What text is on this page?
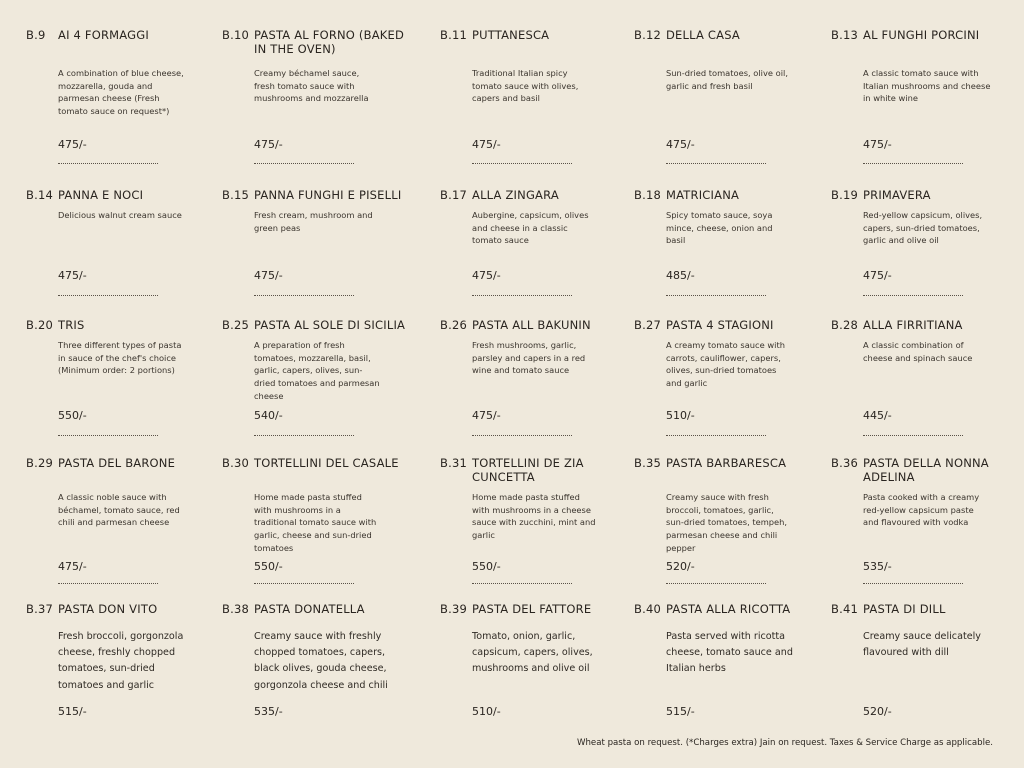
B.9 AI 4 FORMAGGI
A combination of blue cheese, mozzarella, gouda and parmesan cheese (Fresh tomato sauce on request*)
475/-
B.10 PASTA AL FORNO (BAKED IN THE OVEN)
Creamy béchamel sauce, fresh tomato sauce with mushrooms and mozzarella
475/-
B.11 PUTTANESCA
Traditional Italian spicy tomato sauce with olives, capers and basil
475/-
B.12 DELLA CASA
Sun-dried tomatoes, olive oil, garlic and fresh basil
475/-
B.13 AL FUNGHI PORCINI
A classic tomato sauce with Italian mushrooms and cheese in white wine
475/-
B.14 PANNA E NOCI
Delicious walnut cream sauce
475/-
B.15 PANNA FUNGHI E PISELLI
Fresh cream, mushroom and green peas
475/-
B.17 ALLA ZINGARA
Aubergine, capsicum, olives and cheese in a classic tomato sauce
475/-
B.18 MATRICIANA
Spicy tomato sauce, soya mince, cheese, onion and basil
485/-
B.19 PRIMAVERA
Red-yellow capsicum, olives, capers, sun-dried tomatoes, garlic and olive oil
475/-
B.20 TRIS
Three different types of pasta in sauce of the chef's choice (Minimum order: 2 portions)
550/-
B.25 PASTA AL SOLE DI SICILIA
A preparation of fresh tomatoes, mozzarella, basil, garlic, capers, olives, sun-dried tomatoes and parmesan cheese
540/-
B.26 PASTA ALL BAKUNIN
Fresh mushrooms, garlic, parsley and capers in a red wine and tomato sauce
475/-
B.27 PASTA 4 STAGIONI
A creamy tomato sauce with carrots, cauliflower, capers, olives, sun-dried tomatoes and garlic
510/-
B.28 ALLA FIRRITIANA
A classic combination of cheese and spinach sauce
445/-
B.29 PASTA DEL BARONE
A classic noble sauce with béchamel, tomato sauce, red chili and parmesan cheese
475/-
B.30 TORTELLINI DEL CASALE
Home made pasta stuffed with mushrooms in a traditional tomato sauce with garlic, cheese and sun-dried tomatoes
550/-
B.31 TORTELLINI DE ZIA CUNCETTA
Home made pasta stuffed with mushrooms in a cheese sauce with zucchini, mint and garlic
550/-
B.35 PASTA BARBARESCA
Creamy sauce with fresh broccoli, tomatoes, garlic, sun-dried tomatoes, tempeh, parmesan cheese and chili pepper
520/-
B.36 PASTA DELLA NONNA ADELINA
Pasta cooked with a creamy red-yellow capsicum paste and flavoured with vodka
535/-
B.37 PASTA DON VITO
Fresh broccoli, gorgonzola cheese, freshly chopped tomatoes, sun-dried tomatoes and garlic
515/-
B.38 PASTA DONATELLA
Creamy sauce with freshly chopped tomatoes, capers, black olives, gouda cheese, gorgonzola cheese and chili
535/-
B.39 PASTA DEL FATTORE
Tomato, onion, garlic, capsicum, capers, olives, mushrooms and olive oil
510/-
B.40 PASTA ALLA RICOTTA
Pasta served with ricotta cheese, tomato sauce and Italian herbs
515/-
B.41 PASTA DI DILL
Creamy sauce delicately flavoured with dill
520/-
Wheat pasta on request. (*Charges extra) Jain on request. Taxes & Service Charge as applicable.
